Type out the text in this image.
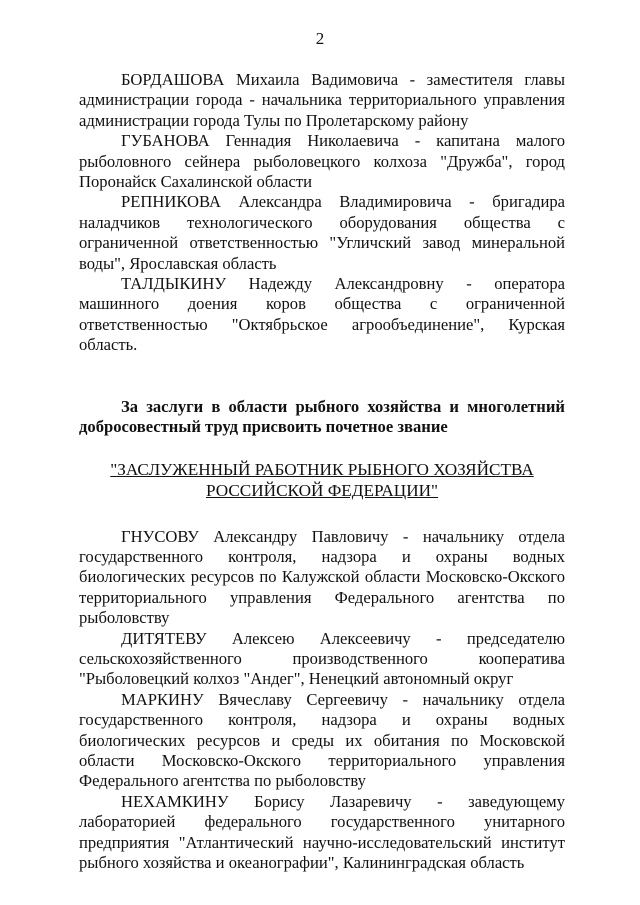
2

БОРДАШОВА Михаила Вадимовича - заместителя главы администрации города - начальника территориального управления администрации города Тулы по Пролетарскому району

ГУБАНОВА Геннадия Николаевича - капитана малого рыболовного сейнера рыболовецкого колхоза "Дружба", город Поронайск Сахалинской области

РЕПНИКОВА Александра Владимировича - бригадира наладчиков технологического оборудования общества с ограниченной ответственностью "Угличский завод минеральной воды", Ярославская область

ТАЛДЫКИНУ Надежду Александровну - оператора машинного доения коров общества с ограниченной ответственностью "Октябрьское агрообъединение", Курская область.

За заслуги в области рыбного хозяйства и многолетний добросовестный труд присвоить почетное звание

"ЗАСЛУЖЕННЫЙ РАБОТНИК РЫБНОГО ХОЗЯЙСТВА
РОССИЙСКОЙ ФЕДЕРАЦИИ"

ГНУСОВУ Александру Павловичу - начальнику отдела государственного контроля, надзора и охраны водных биологических ресурсов по Калужской области Московско-Окского территориального управления Федерального агентства по рыболовству

ДИТЯТЕВУ Алексею Алексеевичу - председателю сельскохозяйственного производственного кооператива "Рыболовецкий колхоз "Андег", Ненецкий автономный округ

МАРКИНУ Вячеславу Сергеевичу - начальнику отдела государственного контроля, надзора и охраны водных биологических ресурсов и среды их обитания по Московской области Московско-Окского территориального управления Федерального агентства по рыболовству

НЕХАМКИНУ Борису Лазаревичу - заведующему лабораторией федерального государственного унитарного предприятия "Атлантический научно-исследовательский институт рыбного хозяйства и океанографии", Калининградская область
